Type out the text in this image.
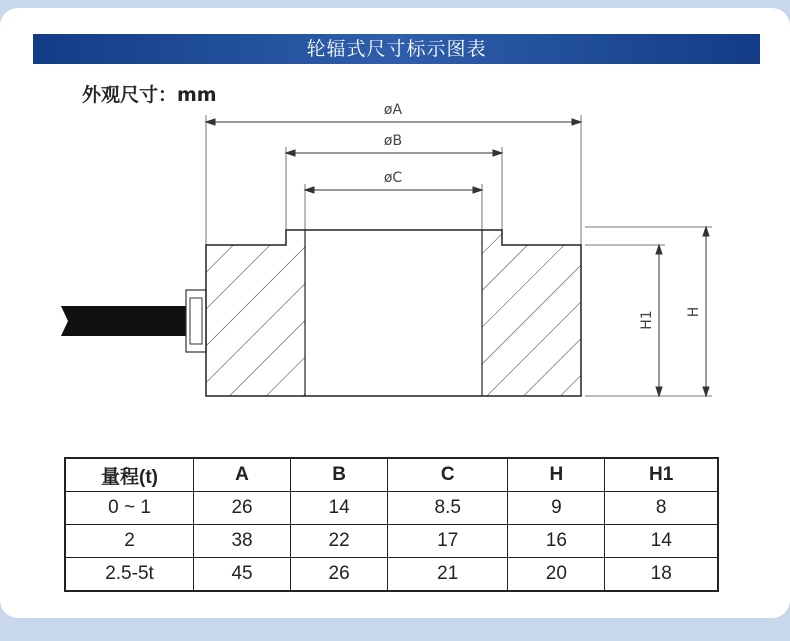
轮辐式尺寸标示图表
外观尺寸：mm
øA
øB
øC
H
H1
量程(t)	A	B	C	H	H1
0 ~ 1	26	14	8.5	9	8
2	38	22	17	16	14
2.5-5t	45	26	21	20	18
